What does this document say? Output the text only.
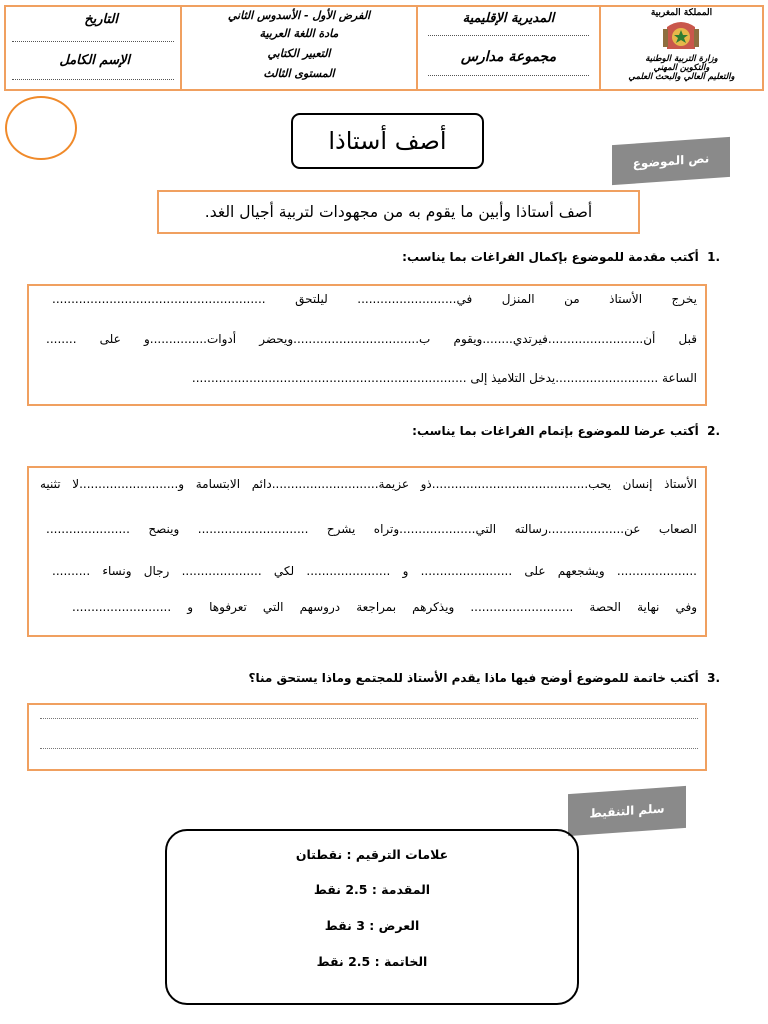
التاريخ
الإسم الكامل
الفرض الأول - الأسدوس الثاني
مادة اللغة العربية
التعبير الكتابي
المستوى الثالث
المديرية الإقليمية
مجموعة مدارس
المملكة المغربية
وزارة التربية الوطنية
والتكوين المهني
والتعليم العالي والبحث العلمي
أصف أستاذا
نص الموضوع
أصف أستاذا وأبين ما يقوم به من مجهودات لتربية أجيال الغد.
.1  أكتب مقدمة للموضوع بإكمال الفراغات بما يناسب:
يخرج الأستاذ من المنزل في.......................... ليلتحق ........................................................
قبل أن.........................فيرتدي........ويقوم ب.................................ويحضر أدوات...............و على ........
الساعة ...........................يدخل التلاميذ إلى ........................................................................
.2  أكتب عرضا للموضوع بإتمام الفراغات بما يناسب:
الأستاذ إنسان يحب.........................................ذو عزيمة............................دائم الابتسامة و..........................لا تثنيه
الصعاب عن....................رسالته التي....................وتراه يشرح ............................. وينصح ......................
..................... ويشجعهم على ........................ و ...................... لكي ..................... رجال ونساء ..........
وفي نهاية الحصة ........................... ويذكرهم بمراجعة دروسهم التي تعرفوها و ..........................
.3  أكتب خاتمة للموضوع أوضح فيها ماذا يقدم الأستاذ للمجتمع وماذا يستحق منا؟
سلم التنقيط
علامات الترقيم : نقطتان
المقدمة : 2.5 نقط
العرض : 3 نقط
الخاتمة : 2.5 نقط
